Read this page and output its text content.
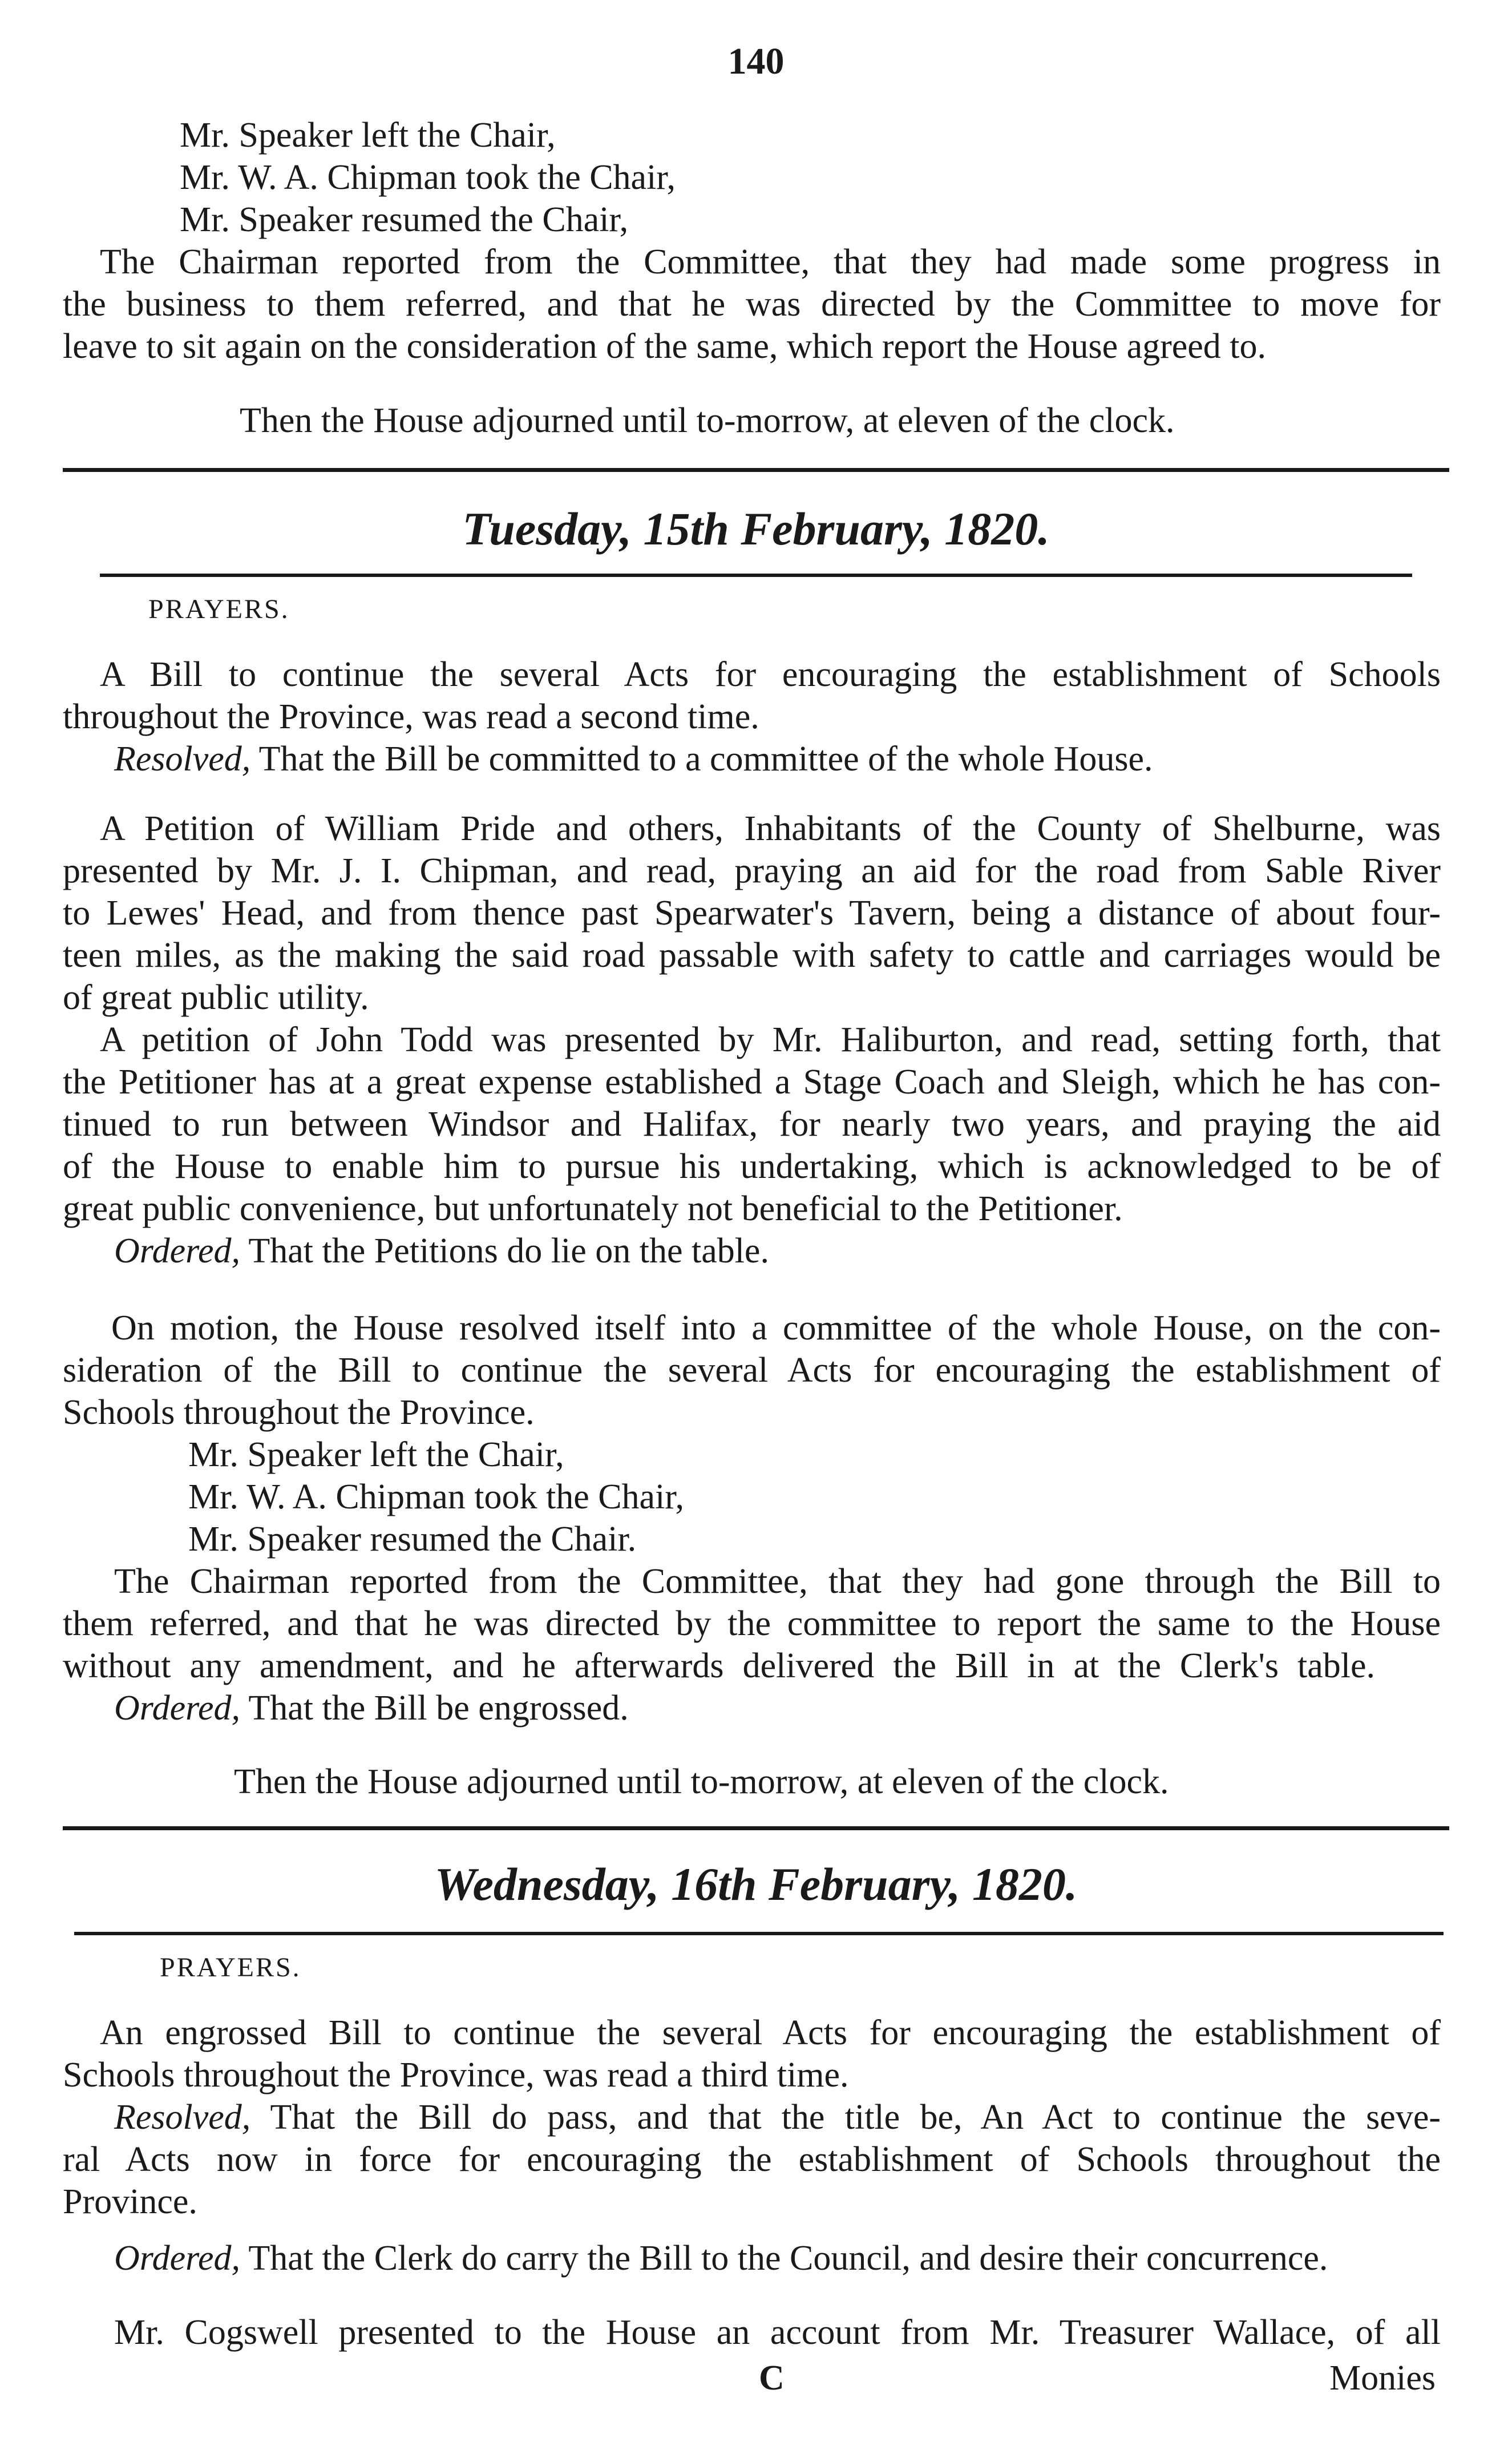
140
Mr. Speaker left the Chair,
Mr. W. A. Chipman took the Chair,
Mr. Speaker resumed the Chair,
The Chairman reported from the Committee, that they had made some progress in
the business to them referred, and that he was directed by the Committee to move for
leave to sit again on the consideration of the same, which report the House agreed to.
Then the House adjourned until to-morrow, at eleven of the clock.
Tuesday, 15th February, 1820.
PRAYERS.
A Bill to continue the several Acts for encouraging the establishment of Schools
throughout the Province, was read a second time.
Resolved, That the Bill be committed to a committee of the whole House.
A Petition of William Pride and others, Inhabitants of the County of Shelburne, was
presented by Mr. J. I. Chipman, and read, praying an aid for the road from Sable River
to Lewes' Head, and from thence past Spearwater's Tavern, being a distance of about four-
teen miles, as the making the said road passable with safety to cattle and carriages would be
of great public utility.
A petition of John Todd was presented by Mr. Haliburton, and read, setting forth, that
the Petitioner has at a great expense established a Stage Coach and Sleigh, which he has con-
tinued to run between Windsor and Halifax, for nearly two years, and praying the aid
of the House to enable him to pursue his undertaking, which is acknowledged to be of
great public convenience, but unfortunately not beneficial to the Petitioner.
Ordered, That the Petitions do lie on the table.
On motion, the House resolved itself into a committee of the whole House, on the con-
sideration of the Bill to continue the several Acts for encouraging the establishment of
Schools throughout the Province.
Mr. Speaker left the Chair,
Mr. W. A. Chipman took the Chair,
Mr. Speaker resumed the Chair.
The Chairman reported from the Committee, that they had gone through the Bill to
them referred, and that he was directed by the committee to report the same to the House
without any amendment, and he afterwards delivered the Bill in at the Clerk's table.
Ordered, That the Bill be engrossed.
Then the House adjourned until to-morrow, at eleven of the clock.
Wednesday, 16th February, 1820.
PRAYERS.
An engrossed Bill to continue the several Acts for encouraging the establishment of
Schools throughout the Province, was read a third time.
Resolved, That the Bill do pass, and that the title be, An Act to continue the seve-
ral Acts now in force for encouraging the establishment of Schools throughout the
Province.
Ordered, That the Clerk do carry the Bill to the Council, and desire their concurrence.
Mr. Cogswell presented to the House an account from Mr. Treasurer Wallace, of all
C	Monies
